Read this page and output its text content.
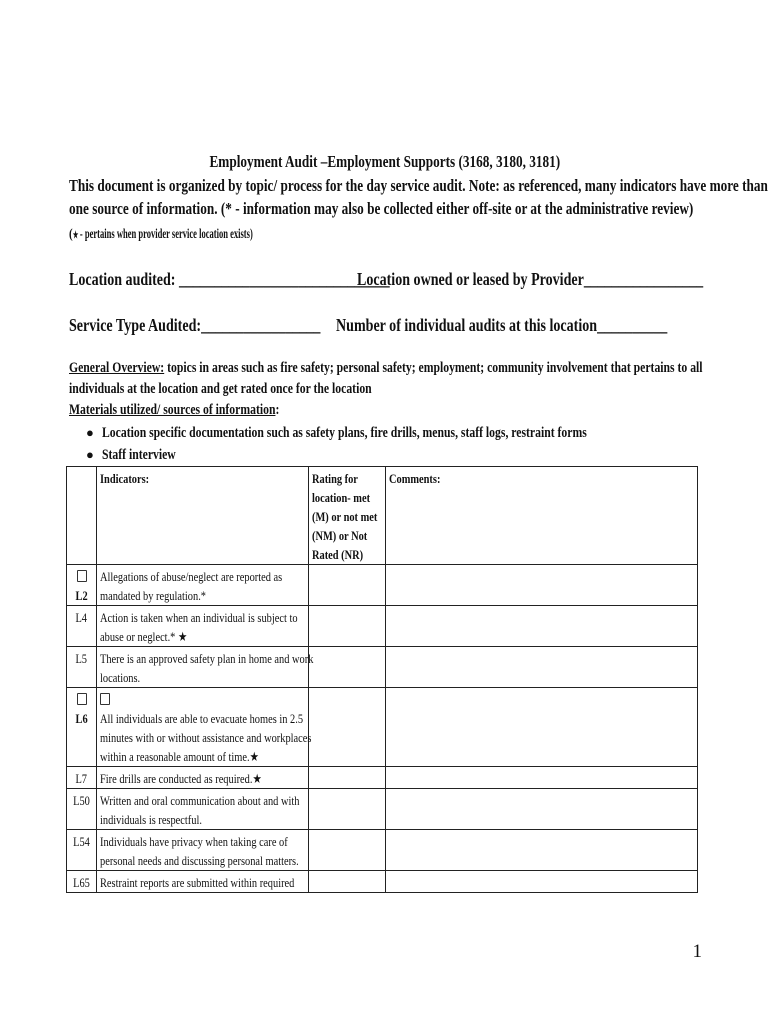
Employment Audit –Employment Supports (3168, 3180, 3181)
This document is organized by topic/ process for the day service audit. Note: as referenced, many indicators have more than
one source of information. (* - information may also be collected either off-site or at the administrative review)
(★ - pertains when provider service location exists)
Location audited: ______________________________
Location owned or leased by Provider_________________
Service Type Audited:_________________ Number of individual audits at this location__________
General Overview: topics in areas such as fire safety; personal safety; employment; community involvement that pertains to all
individuals at the location and get rated once for the location
Materials utilized/ sources of information:
● Location specific documentation such as safety plans, fire drills, menus, staff logs, restraint forms
● Staff interview

	Indicators:	Rating for
location- met
(M) or not met
(NM) or Not
Rated (NR)	Comments:

L2	Allegations of abuse/neglect are reported as
mandated by regulation.*		

L4	Action is taken when an individual is subject to
abuse or neglect.* ★		

L5	There is an approved safety plan in home and work
locations.		

L6	All individuals are able to evacuate homes in 2.5
minutes with or without assistance and workplaces
within a reasonable amount of time.★		

L7	Fire drills are conducted as required.★		

L50	Written and oral communication about and with
individuals is respectful.		

L54	Individuals have privacy when taking care of
personal needs and discussing personal matters.		

L65	Restraint reports are submitted within required		

1
